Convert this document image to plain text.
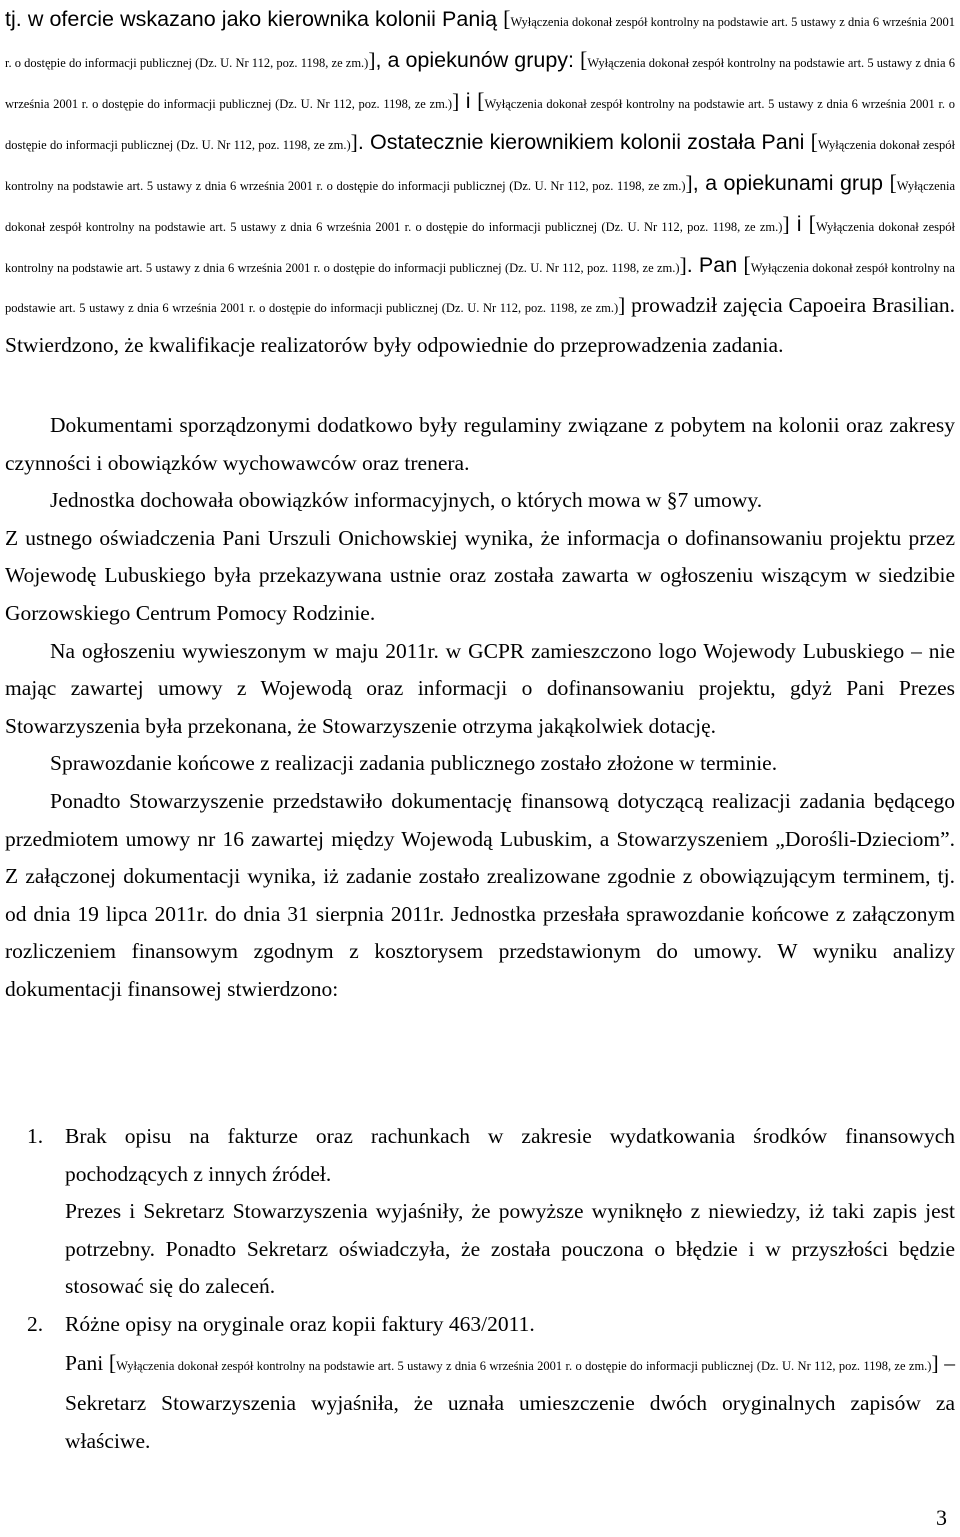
tj. w ofercie wskazano jako kierownika kolonii Panią [Wyłączenia dokonał zespół kontrolny na podstawie art. 5 ustawy z dnia 6 września 2001 r. o dostępie do informacji publicznej (Dz. U. Nr 112, poz. 1198, ze zm.)], a opiekunów grupy: [Wyłączenia dokonał zespół kontrolny na podstawie art. 5 ustawy z dnia 6 września 2001 r. o dostępie do informacji publicznej (Dz. U. Nr 112, poz. 1198, ze zm.)] i [Wyłączenia dokonał zespół kontrolny na podstawie art. 5 ustawy z dnia 6 września 2001 r. o dostępie do informacji publicznej (Dz. U. Nr 112, poz. 1198, ze zm.)]. Ostatecznie kierownikiem kolonii została Pani [Wyłączenia dokonał zespół kontrolny na podstawie art. 5 ustawy z dnia 6 września 2001 r. o dostępie do informacji publicznej (Dz. U. Nr 112, poz. 1198, ze zm.)], a opiekunami grup [Wyłączenia dokonał zespół kontrolny na podstawie art. 5 ustawy z dnia 6 września 2001 r. o dostępie do informacji publicznej (Dz. U. Nr 112, poz. 1198, ze zm.)] i [Wyłączenia dokonał zespół kontrolny na podstawie art. 5 ustawy z dnia 6 września 2001 r. o dostępie do informacji publicznej (Dz. U. Nr 112, poz. 1198, ze zm.)]. Pan [Wyłączenia dokonał zespół kontrolny na podstawie art. 5 ustawy z dnia 6 września 2001 r. o dostępie do informacji publicznej (Dz. U. Nr 112, poz. 1198, ze zm.)] prowadził zajęcia Capoeira Brasilian. Stwierdzono, że kwalifikacje realizatorów były odpowiednie do przeprowadzenia zadania.

Dokumentami sporządzonymi dodatkowo były regulaminy związane z pobytem na kolonii oraz zakresy czynności i obowiązków wychowawców oraz trenera.

Jednostka dochowała obowiązków informacyjnych, o których mowa w §7 umowy.

Z ustnego oświadczenia Pani Urszuli Onichowskiej wynika, że informacja o dofinansowaniu projektu przez Wojewodę Lubuskiego była przekazywana ustnie oraz została zawarta w ogłoszeniu wiszącym w siedzibie Gorzowskiego Centrum Pomocy Rodzinie.

Na ogłoszeniu wywieszonym w maju 2011r. w GCPR zamieszczono logo Wojewody Lubuskiego – nie mając zawartej umowy z Wojewodą oraz informacji o dofinansowaniu projektu, gdyż Pani Prezes Stowarzyszenia była przekonana, że Stowarzyszenie otrzyma jakąkolwiek dotację.

Sprawozdanie końcowe z realizacji zadania publicznego zostało złożone w terminie.

Ponadto Stowarzyszenie przedstawiło dokumentację finansową dotyczącą realizacji zadania będącego przedmiotem umowy nr 16 zawartej między Wojewodą Lubuskim, a Stowarzyszeniem „Dorośli-Dzieciom”. Z załączonej dokumentacji wynika, iż zadanie zostało zrealizowane zgodnie z obowiązującym terminem, tj. od dnia 19 lipca 2011r. do dnia 31 sierpnia 2011r. Jednostka przesłała sprawozdanie końcowe z załączonym rozliczeniem finansowym zgodnym z kosztorysem przedstawionym do umowy. W wyniku analizy dokumentacji finansowej stwierdzono:

1. Brak opisu na fakturze oraz rachunkach w zakresie wydatkowania środków finansowych pochodzących z innych źródeł.

Prezes i Sekretarz Stowarzyszenia wyjaśniły, że powyższe wyniknęło z niewiedzy, iż taki zapis jest potrzebny. Ponadto Sekretarz oświadczyła, że została pouczona o błędzie i w przyszłości będzie stosować się do zaleceń.

2. Różne opisy na oryginale oraz kopii faktury 463/2011.

Pani [Wyłączenia dokonał zespół kontrolny na podstawie art. 5 ustawy z dnia 6 września 2001 r. o dostępie do informacji publicznej (Dz. U. Nr 112, poz. 1198, ze zm.)] – Sekretarz Stowarzyszenia wyjaśniła, że uznała umieszczenie dwóch oryginalnych zapisów za właściwe.

3
